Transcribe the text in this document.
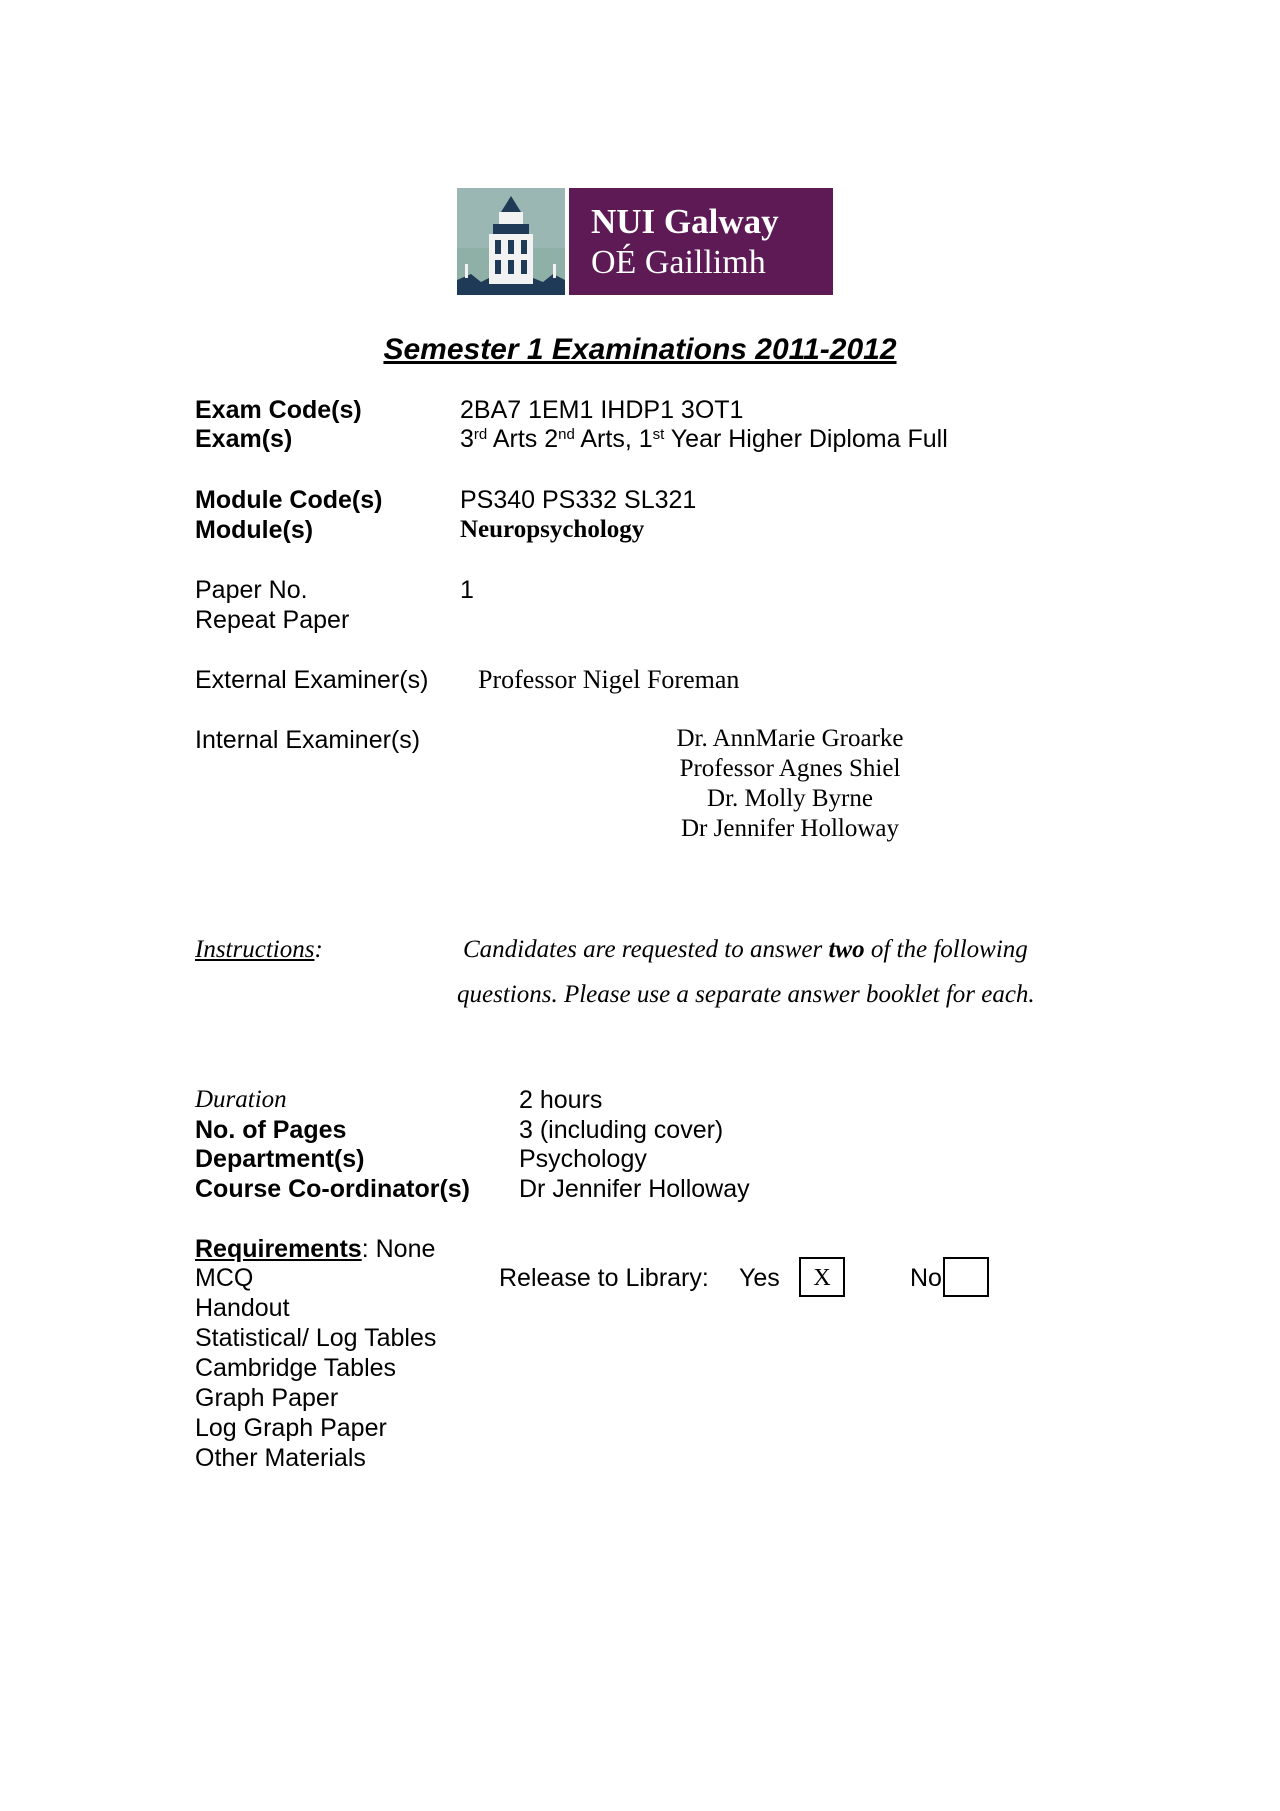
NUI Galway
OÉ Gaillimh
Semester 1 Examinations 2011-2012
Exam Code(s)	2BA7 1EM1 IHDP1 3OT1
Exam(s)	3rd Arts 2nd Arts, 1st Year Higher Diploma Full
Module Code(s)	PS340 PS332 SL321
Module(s)	Neuropsychology
Paper No.	1
Repeat Paper
External Examiner(s) Professor Nigel Foreman
Internal Examiner(s)	Dr. AnnMarie Groarke
Professor Agnes Shiel
Dr. Molly Byrne
Dr Jennifer Holloway
Instructions:	Candidates are requested to answer two of the following
questions. Please use a separate answer booklet for each.
Duration	2 hours
No. of Pages	3 (including cover)
Department(s)	Psychology
Course Co-ordinator(s) Dr Jennifer Holloway
Requirements: None
MCQ
Handout
Statistical/ Log Tables
Cambridge Tables
Graph Paper
Log Graph Paper
Other Materials
Release to Library: Yes	X	No
